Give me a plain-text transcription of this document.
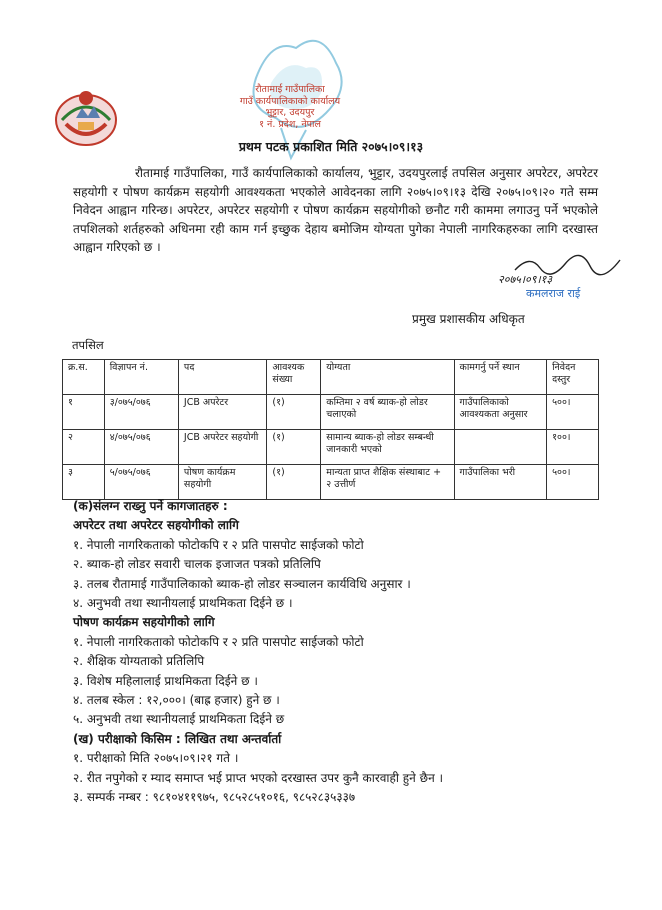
रौतामाई गाउँपालिका
गाउँ कार्यपालिकाको कार्यालय
भुट्टार, उदयपुर
१ नं. प्रदेश, नेपाल
प्रथम पटक प्रकाशित मिति २०७५।०९।१३
रौतामाई गाउँपालिका, गाउँ कार्यपालिकाको कार्यालय, भुट्टार, उदयपुरलाई तपसिल अनुसार अपरेटर, अपरेटर सहयोगी र पोषण कार्यक्रम सहयोगी आवश्यकता भएकोले आवेदनका लागि २०७५।०९।१३ देखि २०७५।०९।२० गते सम्म निवेदन आह्वान गरिन्छ। अपरेटर, अपरेटर सहयोगी र पोषण कार्यक्रम सहयोगीको छनौट गरी काममा लगाउनु पर्ने भएकोले तपशिलको शर्तहरुको अधिनमा रही काम गर्न इच्छुक देहाय बमोजिम योग्यता पुगेका नेपाली नागरिकहरुका लागि दरखास्त आह्वान गरिएको छ ।
२०७५।०९।१३
कमलराज राई
प्रमुख प्रशासकीय अधिकृत
तपसिल
क्र.स.	विज्ञापन नं.	पद	आवश्यक संख्या	योग्यता	कामगर्नु पर्ने स्थान	निवेदन दस्तुर
१	३/०७५/०७६	JCB अपरेटर	(१)	कम्तिमा २ वर्ष ब्याक-हो लोडर चलाएको	गाउँपालिकाको आवश्यकता अनुसार	५००।
२	४/०७५/०७६	JCB अपरेटर सहयोगी	(१)	सामान्य ब्याक-हो लोडर सम्बन्धी जानकारी भएको		१००।
३	५/०७५/०७६	पोषण कार्यक्रम सहयोगी	(१)	मान्यता प्राप्त शैक्षिक संस्थाबाट + २ उत्तीर्ण	गाउँपालिका भरी	५००।
(क)संलग्न राख्नु पर्ने कागजातहरु :
अपरेटर तथा अपरेटर सहयोगीको लागि
१. नेपाली नागरिकताको फोटोकपि र २ प्रति पासपोट साईजको फोटो
२. ब्याक-हो लोडर सवारी चालक इजाजत पत्रको प्रतिलिपि
३. तलब रौतामाई गाउँपालिकाको ब्याक-हो लोडर सञ्चालन कार्यविधि अनुसार ।
४. अनुभवी तथा स्थानीयलाई प्राथमिकता दिईने छ ।
पोषण कार्यक्रम सहयोगीको लागि
१. नेपाली नागरिकताको फोटोकपि र २ प्रति पासपोट साईजको फोटो
२. शैक्षिक योग्यताको प्रतिलिपि
३. विशेष महिलालाई प्राथमिकता दिईने छ ।
४. तलब स्केल : १२,०००। (बाह्र हजार) हुने छ ।
५. अनुभवी तथा स्थानीयलाई प्राथमिकता दिईने छ
(ख) परीक्षाको किसिम : लिखित तथा अन्तर्वार्ता
१. परीक्षाको मिति २०७५।०९।२१ गते ।
२. रीत नपुगेको र म्याद समाप्त भई प्राप्त भएको दरखास्त उपर कुनै कारवाही हुने छैन ।
३. सम्पर्क नम्बर : ९८१०४११९७५, ९८५२८५१०१६, ९८५२८३५३३७
